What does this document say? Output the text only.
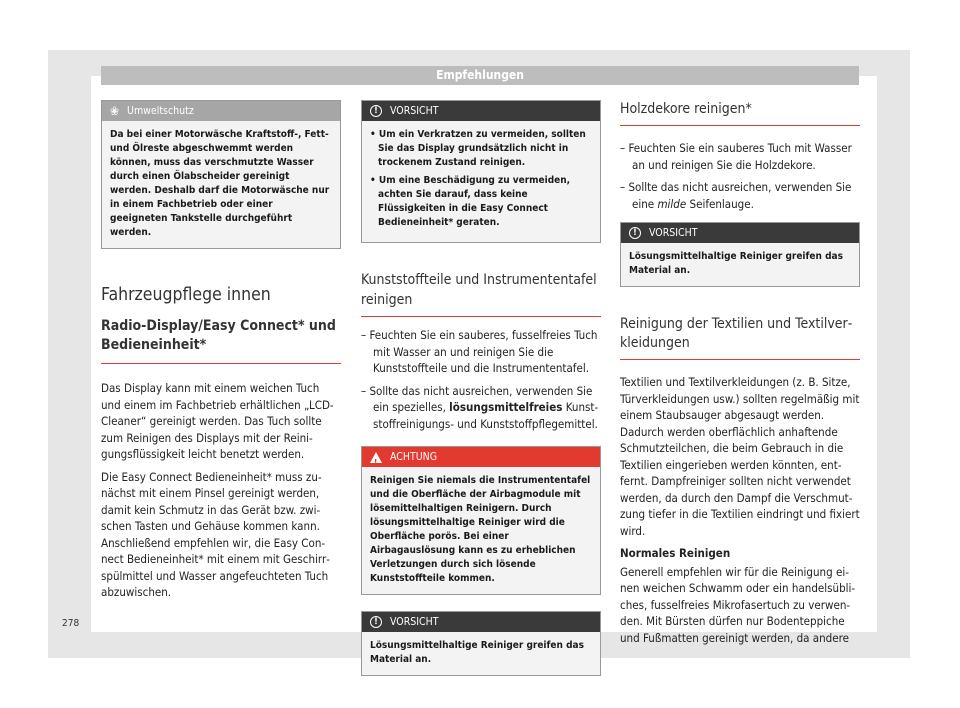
Empfehlungen
❀ Umweltschutz
Da bei einer Motorwäsche Kraftstoff-, Fett- und Ölreste abgeschwemmt werden können, muss das verschmutzte Wasser durch einen Ölabscheider gereinigt werden. Deshalb darf die Motorwäsche nur in einem Fachbetrieb oder einer geeigneten Tankstelle durchgeführt werden.
Fahrzeugpflege innen
Radio-Display/Easy Connect* und Bedieneinheit*

Das Display kann mit einem weichen Tuch und einem im Fachbetrieb erhältlichen „LCD-Cleaner“ gereinigt werden. Das Tuch sollte zum Reinigen des Displays mit der Reinigungsflüssigkeit leicht benetzt werden.

Die Easy Connect Bedieneinheit* muss zunächst mit einem Pinsel gereinigt werden, damit kein Schmutz in das Gerät bzw. zwischen Tasten und Gehäuse kommen kann. Anschließend empfehlen wir, die Easy Connect Bedieneinheit* mit einem mit Geschirrspülmittel und Wasser angefeuchteten Tuch abzuwischen.

!	VORSICHT

• Um ein Verkratzen zu vermeiden, sollten Sie das Display grundsätzlich nicht in trockenem Zustand reinigen.

• Um eine Beschädigung zu vermeiden, achten Sie darauf, dass keine Flüssigkeiten in die Easy Connect Bedieneinheit* geraten.

Kunststoffteile und Instrumententafel reinigen

– Feuchten Sie ein sauberes, fusselfreies Tuch mit Wasser an und reinigen Sie die Kunststoffteile und die Instrumententafel.

– Sollte das nicht ausreichen, verwenden Sie ein spezielles, lösungsmittelfreies Kunststoffreinigungs- und Kunststoffpflegemittel.

!
ACHTUNG
Reinigen Sie niemals die Instrumententafel und die Oberfläche der Airbagmodule mit lösemittelhaltigen Reinigern. Durch lösungsmittelhaltige Reiniger wird die Oberfläche porös. Bei einer Airbagauslösung kann es zu erheblichen Verletzungen durch sich lösende Kunststoffteile kommen.
!	VORSICHT
Lösungsmittelhaltige Reiniger greifen das Material an.
Holzdekore reinigen*

– Feuchten Sie ein sauberes Tuch mit Wasser an und reinigen Sie die Holzdekore.

– Sollte das nicht ausreichen, verwenden Sie eine milde Seifenlauge.

!	VORSICHT
Lösungsmittelhaltige Reiniger greifen das Material an.
Reinigung der Textilien und Textilverkleidungen

Textilien und Textilverkleidungen (z. B. Sitze, Türverkleidungen usw.) sollten regelmäßig mit einem Staubsauger abgesaugt werden. Dadurch werden oberflächlich anhaftende Schmutzteilchen, die beim Gebrauch in die Textilien eingerieben werden könnten, entfernt. Dampfreiniger sollten nicht verwendet werden, da durch den Dampf die Verschmutzung tiefer in die Textilien eindringt und fixiert wird.

Normales Reinigen

Generell empfehlen wir für die Reinigung einen weichen Schwamm oder ein handelsübliches, fusselfreies Mikrofasertuch zu verwenden. Mit Bürsten dürfen nur Bodenteppiche und Fußmatten gereinigt werden, da andere

278
